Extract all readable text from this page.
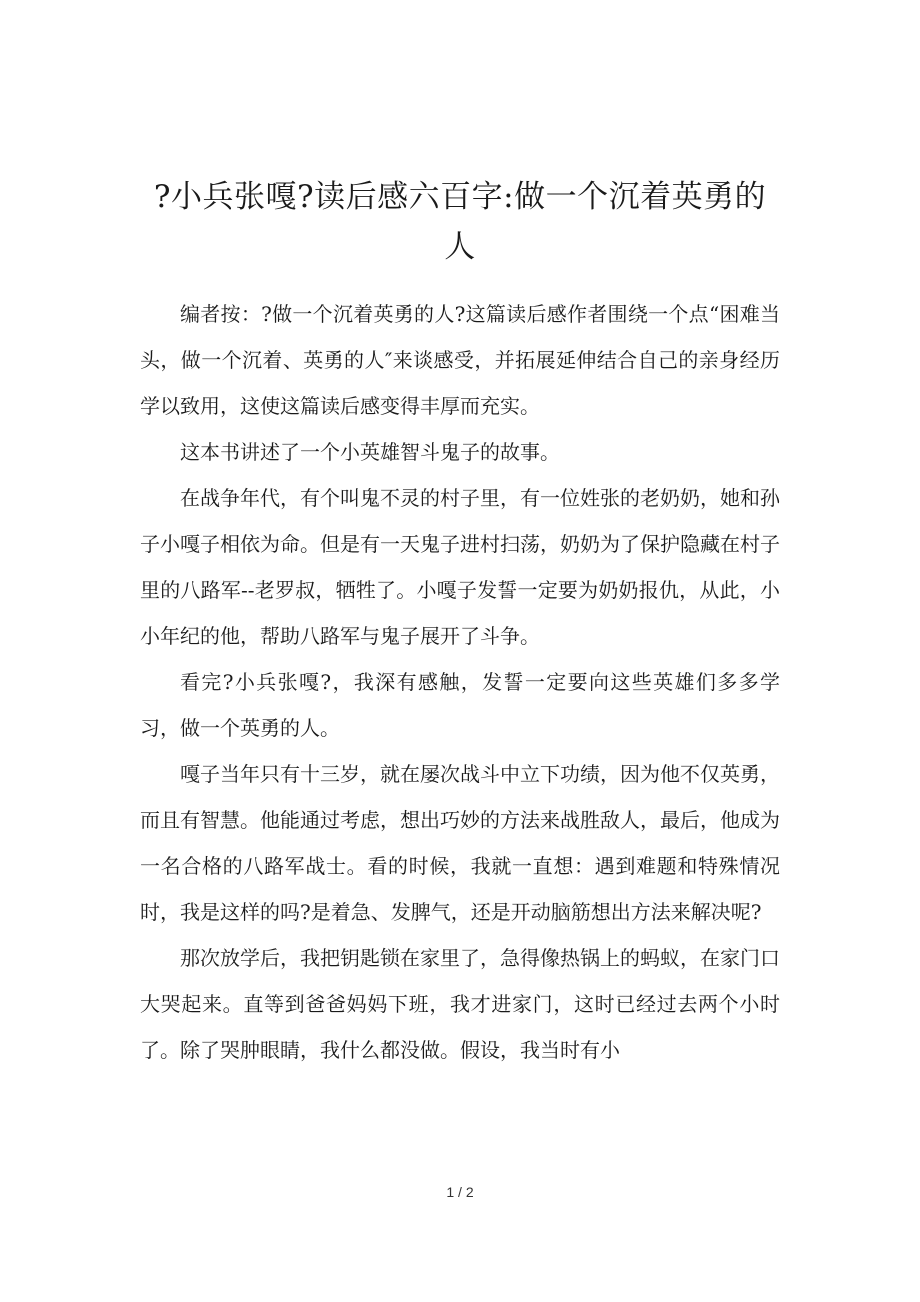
?小兵张嘎?读后感六百字:做一个沉着英勇的人

编者按：?做一个沉着英勇的人?这篇读后感作者围绕一个点“困难当头，做一个沉着、英勇的人″来谈感受，并拓展延伸结合自己的亲身经历学以致用，这使这篇读后感变得丰厚而充实。

这本书讲述了一个小英雄智斗鬼子的故事。

在战争年代，有个叫鬼不灵的村子里，有一位姓张的老奶奶，她和孙子小嘎子相依为命。但是有一天鬼子进村扫荡，奶奶为了保护隐藏在村子里的八路军--老罗叔，牺牲了。小嘎子发誓一定要为奶奶报仇，从此，小小年纪的他，帮助八路军与鬼子展开了斗争。

看完?小兵张嘎?，我深有感触，发誓一定要向这些英雄们多多学习，做一个英勇的人。

嘎子当年只有十三岁，就在屡次战斗中立下功绩，因为他不仅英勇，而且有智慧。他能通过考虑，想出巧妙的方法来战胜敌人，最后，他成为一名合格的八路军战士。看的时候，我就一直想：遇到难题和特殊情况时，我是这样的吗?是着急、发脾气，还是开动脑筋想出方法来解决呢?

那次放学后，我把钥匙锁在家里了，急得像热锅上的蚂蚁，在家门口大哭起来。直等到爸爸妈妈下班，我才进家门，这时已经过去两个小时了。除了哭肿眼睛，我什么都没做。假设，我当时有小

1 / 2
